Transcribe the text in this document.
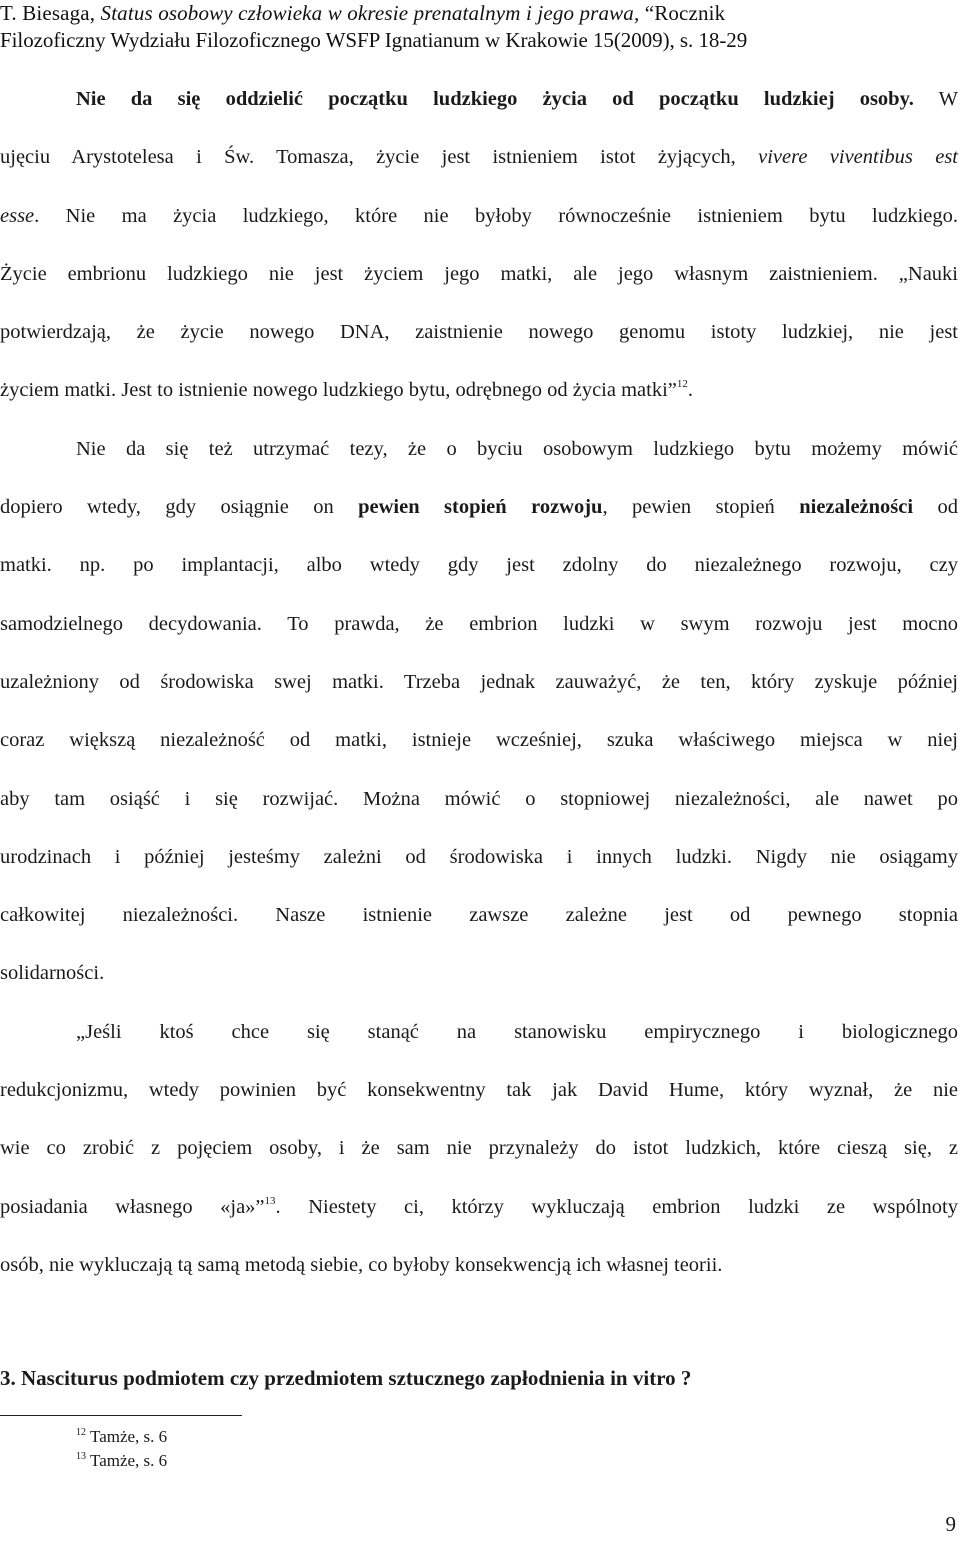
T. Biesaga, Status osobowy człowieka w okresie prenatalnym i jego prawa, “Rocznik
Filozoficzny Wydziału Filozoficznego WSFP Ignatianum w Krakowie 15(2009), s. 18-29

Nie da się oddzielić początku ludzkiego życia od początku ludzkiej osoby. W
ujęciu Arystotelesa i Św. Tomasza, życie jest istnieniem istot żyjących, vivere viventibus est
esse. Nie ma życia ludzkiego, które nie byłoby równocześnie istnieniem bytu ludzkiego.
Życie embrionu ludzkiego nie jest życiem jego matki, ale jego własnym zaistnieniem. „Nauki
potwierdzają, że życie nowego DNA, zaistnienie nowego genomu istoty ludzkiej, nie jest
życiem matki. Jest to istnienie nowego ludzkiego bytu, odrębnego od życia matki”$^{12}$.

Nie da się też utrzymać tezy, że o byciu osobowym ludzkiego bytu możemy mówić
dopiero wtedy, gdy osiągnie on pewien stopień rozwoju, pewien stopień niezależności od
matki. np. po implantacji, albo wtedy gdy jest zdolny do niezależnego rozwoju, czy
samodzielnego decydowania. To prawda, że embrion ludzki w swym rozwoju jest mocno
uzależniony od środowiska swej matki. Trzeba jednak zauważyć, że ten, który zyskuje później
coraz większą niezależność od matki, istnieje wcześniej, szuka właściwego miejsca w niej
aby tam osiąść i się rozwijać. Można mówić o stopniowej niezależności, ale nawet po
urodzinach i później jesteśmy zależni od środowiska i innych ludzki. Nigdy nie osiągamy
całkowitej niezależności. Nasze istnienie zawsze zależne jest od pewnego stopnia
solidarności.

„Jeśli ktoś chce się stanąć na stanowisku empirycznego i biologicznego
redukcjonizmu, wtedy powinien być konsekwentny tak jak David Hume, który wyznał, że nie
wie co zrobić z pojęciem osoby, i że sam nie przynależy do istot ludzkich, które cieszą się, z
posiadania własnego «ja»”$^{13}$. Niestety ci, którzy wykluczają embrion ludzki ze wspólnoty
osób, nie wykluczają tą samą metodą siebie, co byłoby konsekwencją ich własnej teorii.

3. Nasciturus podmiotem czy przedmiotem sztucznego zapłodnienia in vitro ?
$^{12}$ Tamże, s. 6
$^{13}$ Tamże, s. 6
9
